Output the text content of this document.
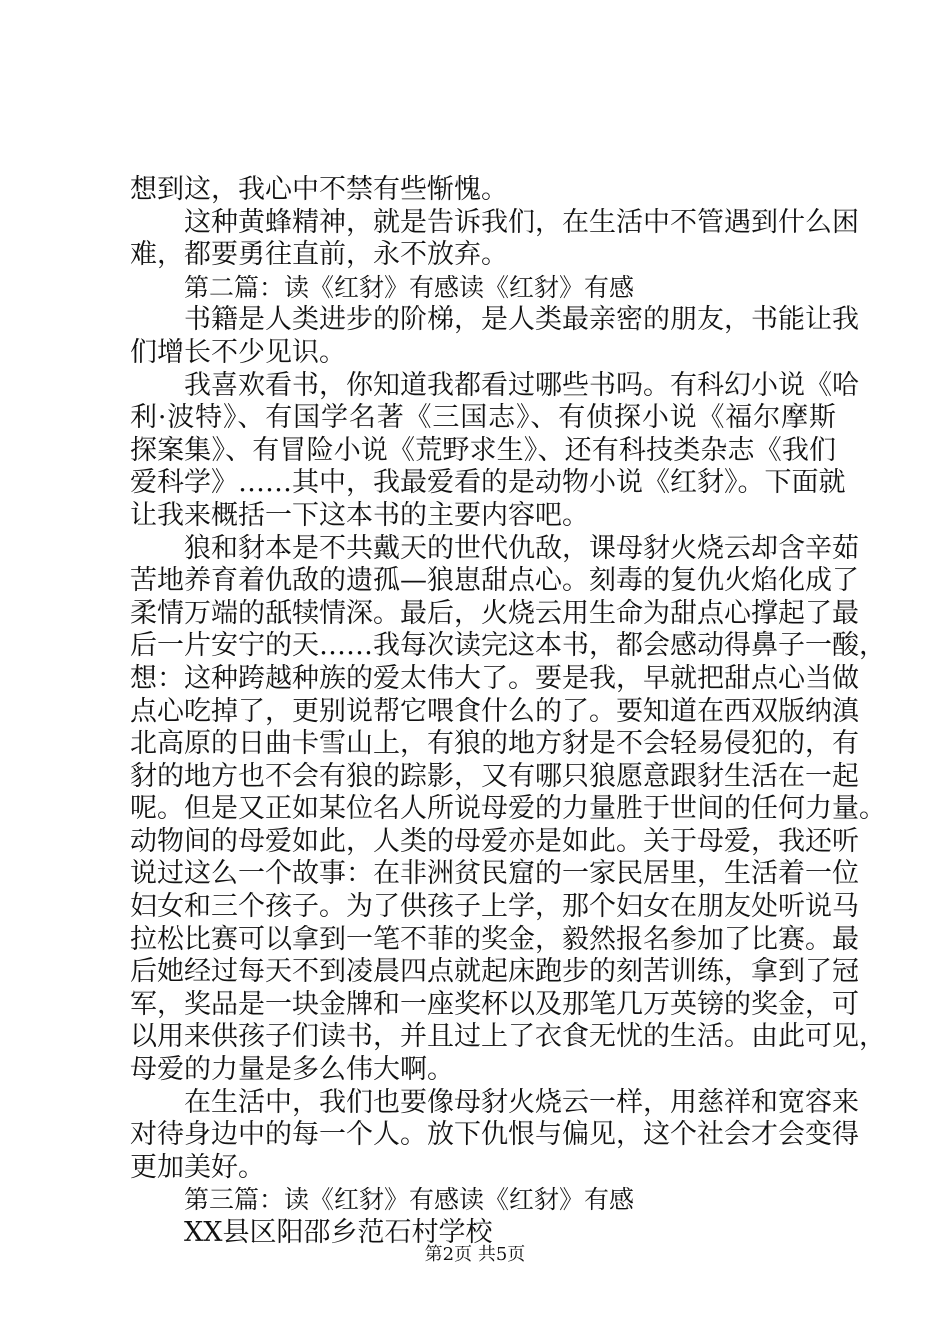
想到这，我心中不禁有些惭愧。
这种黄蜂精神，就是告诉我们，在生活中不管遇到什么困
难，都要勇往直前，永不放弃。
第二篇：读《红豺》有感读《红豺》有感
书籍是人类进步的阶梯，是人类最亲密的朋友，书能让我
们增长不少见识。
我喜欢看书，你知道我都看过哪些书吗。有科幻小说《哈
利·波特》、有国学名著《三国志》、有侦探小说《福尔摩斯
探案集》、有冒险小说《荒野求生》、还有科技类杂志《我们
爱科学》……其中，我最爱看的是动物小说《红豺》。下面就
让我来概括一下这本书的主要内容吧。
狼和豺本是不共戴天的世代仇敌，课母豺火烧云却含辛茹
苦地养育着仇敌的遗孤—狼崽甜点心。刻毒的复仇火焰化成了
柔情万端的舐犊情深。最后，火烧云用生命为甜点心撑起了最
后一片安宁的天……我每次读完这本书，都会感动得鼻子一酸，
想：这种跨越种族的爱太伟大了。要是我，早就把甜点心当做
点心吃掉了，更别说帮它喂食什么的了。要知道在西双版纳滇
北高原的日曲卡雪山上，有狼的地方豺是不会轻易侵犯的，有
豺的地方也不会有狼的踪影，又有哪只狼愿意跟豺生活在一起
呢。但是又正如某位名人所说母爱的力量胜于世间的任何力量。
动物间的母爱如此，人类的母爱亦是如此。关于母爱，我还听
说过这么一个故事：在非洲贫民窟的一家民居里，生活着一位
妇女和三个孩子。为了供孩子上学，那个妇女在朋友处听说马
拉松比赛可以拿到一笔不菲的奖金，毅然报名参加了比赛。最
后她经过每天不到凌晨四点就起床跑步的刻苦训练，拿到了冠
军，奖品是一块金牌和一座奖杯以及那笔几万英镑的奖金，可
以用来供孩子们读书，并且过上了衣食无忧的生活。由此可见，
母爱的力量是多么伟大啊。
在生活中，我们也要像母豺火烧云一样，用慈祥和宽容来
对待身边中的每一个人。放下仇恨与偏见，这个社会才会变得
更加美好。
第三篇：读《红豺》有感读《红豺》有感
XX县区阳邵乡范石村学校
第2页 共5页
